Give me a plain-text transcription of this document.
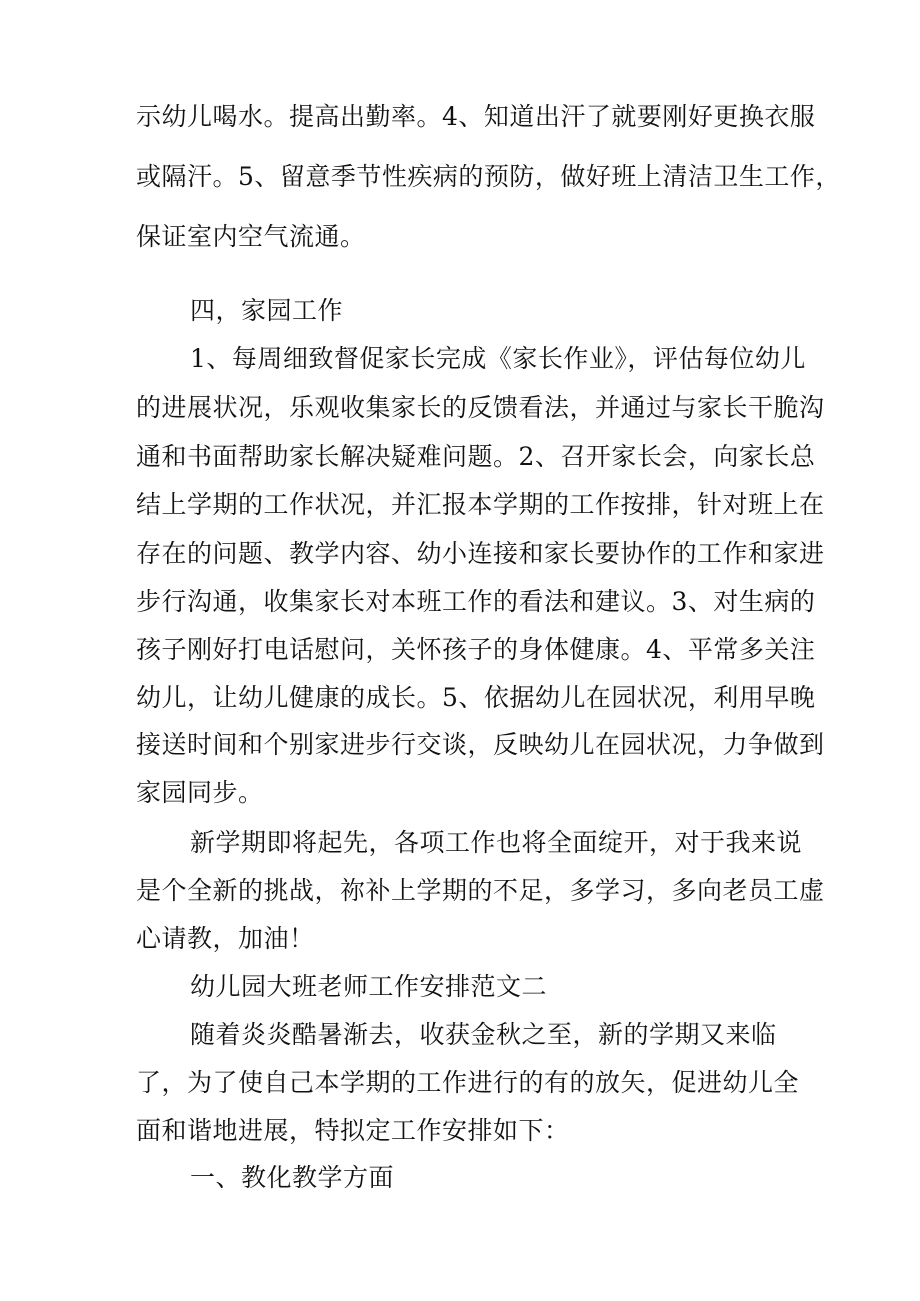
示幼儿喝水。提高出勤率。4、知道出汗了就要刚好更换衣服
或隔汗。5、留意季节性疾病的预防，做好班上清洁卫生工作，
保证室内空气流通。
四，家园工作
1、每周细致督促家长完成《家长作业》，评估每位幼儿
的进展状况，乐观收集家长的反馈看法，并通过与家长干脆沟
通和书面帮助家长解决疑难问题。2、召开家长会，向家长总
结上学期的工作状况，并汇报本学期的工作按排，针对班上在
存在的问题、教学内容、幼小连接和家长要协作的工作和家进
步行沟通，收集家长对本班工作的看法和建议。3、对生病的
孩子刚好打电话慰问，关怀孩子的身体健康。4、平常多关注
幼儿，让幼儿健康的成长。5、依据幼儿在园状况，利用早晚
接送时间和个别家进步行交谈，反映幼儿在园状况，力争做到
家园同步。
新学期即将起先，各项工作也将全面绽开，对于我来说
是个全新的挑战，祢补上学期的不足，多学习，多向老员工虚
心请教，加油！
幼儿园大班老师工作安排范文二
随着炎炎酷暑渐去，收获金秋之至，新的学期又来临
了，为了使自己本学期的工作进行的有的放矢，促进幼儿全
面和谐地进展，特拟定工作安排如下：
一、教化教学方面
